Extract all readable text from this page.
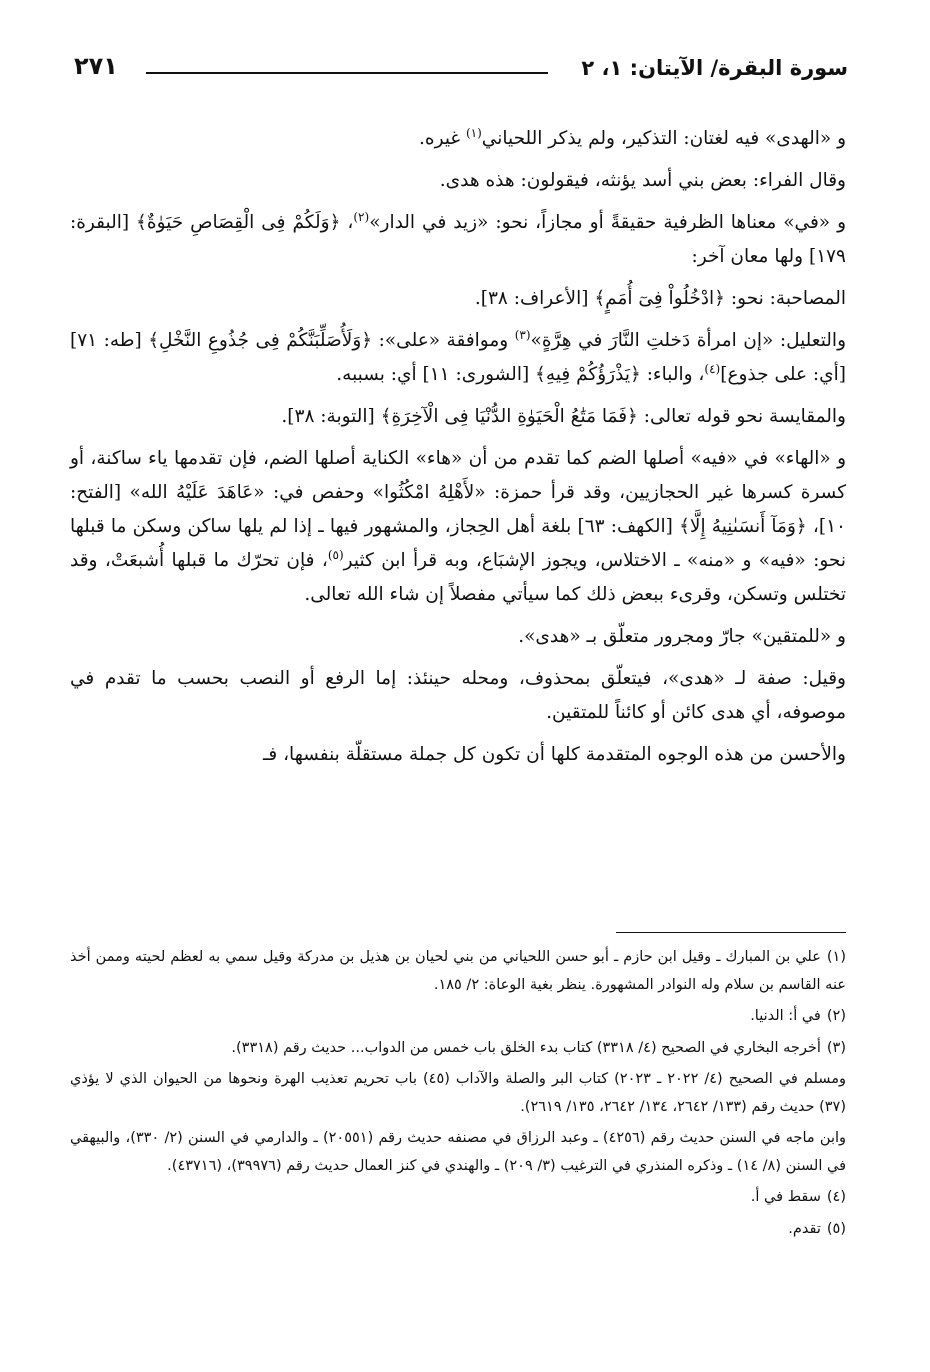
سورة البقرة/ الآيتان: ١، ٢
٢٧١

و «الهدى» فيه لغتان: التذكير، ولم يذكر اللحياني$^{(١)}$ غيره.

وقال الفراء: بعض بني أسد يؤنثه، فيقولون: هذه هدى.

و «في» معناها الظرفية حقيقةً أو مجازاً، نحو: «زيد في الدار»$^{(٢)}$، ﴿وَلَكُمْ فِى الْقِصَاصِ حَيَوٰةٌ﴾ [البقرة: ١٧٩] ولها معان آخر:

المصاحبة: نحو: ﴿ادْخُلُواْ فِىٓ أُمَمٍ﴾ [الأعراف: ٣٨].

والتعليل: «إن امرأة دَخلتِ النَّارَ في هِرَّةٍ»$^{(٣)}$ وموافقة «على»: ﴿وَلَأُصَلِّبَنَّكُمْ فِى جُذُوعِ النَّخْلِ﴾ [طه: ٧١] [أي: على جذوع]$^{(٤)}$، والباء: ﴿يَذْرَؤُكُمْ فِيهِ﴾ [الشورى: ١١] أي: بسببه.

والمقايسة نحو قوله تعالى: ﴿فَمَا مَتَٰعُ الْحَيَوٰةِ الدُّنْيَا فِى الْآخِرَةِ﴾ [التوبة: ٣٨].

و «الهاء» في «فيه» أصلها الضم كما تقدم من أن «هاء» الكناية أصلها الضم، فإن تقدمها ياء ساكنة، أو كسرة كسرها غير الحجازيين، وقد قرأ حمزة: «لأَهْلِهُ امْكُثُوا» وحفص في: «عَاهَدَ عَلَيْهُ الله» [الفتح: ١٠]، ﴿وَمَآ أَنسَىٰنِيهُ إِلَّا﴾ [الكهف: ٦٣] بلغة أهل الحِجاز، والمشهور فيها ـ إذا لم يلها ساكن وسكن ما قبلها نحو: «فيه» و «منه» ـ الاختلاس، ويجوز الإشبَاع، وبه قرأ ابن كثير$^{(٥)}$، فإن تحرّك ما قبلها أُشبعَتْ، وقد تختلس وتسكن، وقرىء ببعض ذلك كما سيأتي مفصلاً إن شاء الله تعالى.

و «للمتقين» جارّ ومجرور متعلّق بـ «هدى».

وقيل: صفة لـ «هدى»، فيتعلّق بمحذوف، ومحله حينئذ: إما الرفع أو النصب بحسب ما تقدم في موصوفه، أي هدى كائن أو كائناً للمتقين.

والأحسن من هذه الوجوه المتقدمة كلها أن تكون كل جملة مستقلّة بنفسها، فـ

(١)علي بن المبارك ـ وقيل ابن حازم ـ أبو حسن اللحياني من بني لحيان بن هذيل بن مدركة وقيل سمي به لعظم لحيته وممن أخذ عنه القاسم بن سلام وله النوادر المشهورة. ينظر بغية الوعاة: ٢/ ١٨٥.

(٢)في أ: الدنيا.

(٣)أخرجه البخاري في الصحيح (٤/ ٣٣١٨) كتاب بدء الخلق باب خمس من الدواب... حديث رقم (٣٣١٨).

ومسلم في الصحيح (٤/ ٢٠٢٢ ـ ٢٠٢٣) كتاب البر والصلة والآداب (٤٥) باب تحريم تعذيب الهرة ونحوها من الحيوان الذي لا يؤذي (٣٧) حديث رقم (١٣٣/ ٢٦٤٢، ١٣٤/ ٢٦٤٢، ١٣٥/ ٢٦١٩).

وابن ماجه في السنن حديث رقم (٤٢٥٦) ـ وعبد الرزاق في مصنفه حديث رقم (٢٠٥٥١) ـ والدارمي في السنن (٢/ ٣٣٠)، والبيهقي في السنن (٨/ ١٤) ـ وذكره المنذري في الترغيب (٣/ ٢٠٩) ـ والهندي في كنز العمال حديث رقم (٣٩٩٧٦)، (٤٣٧١٦).

(٤)سقط في أ.

(٥)تقدم.
